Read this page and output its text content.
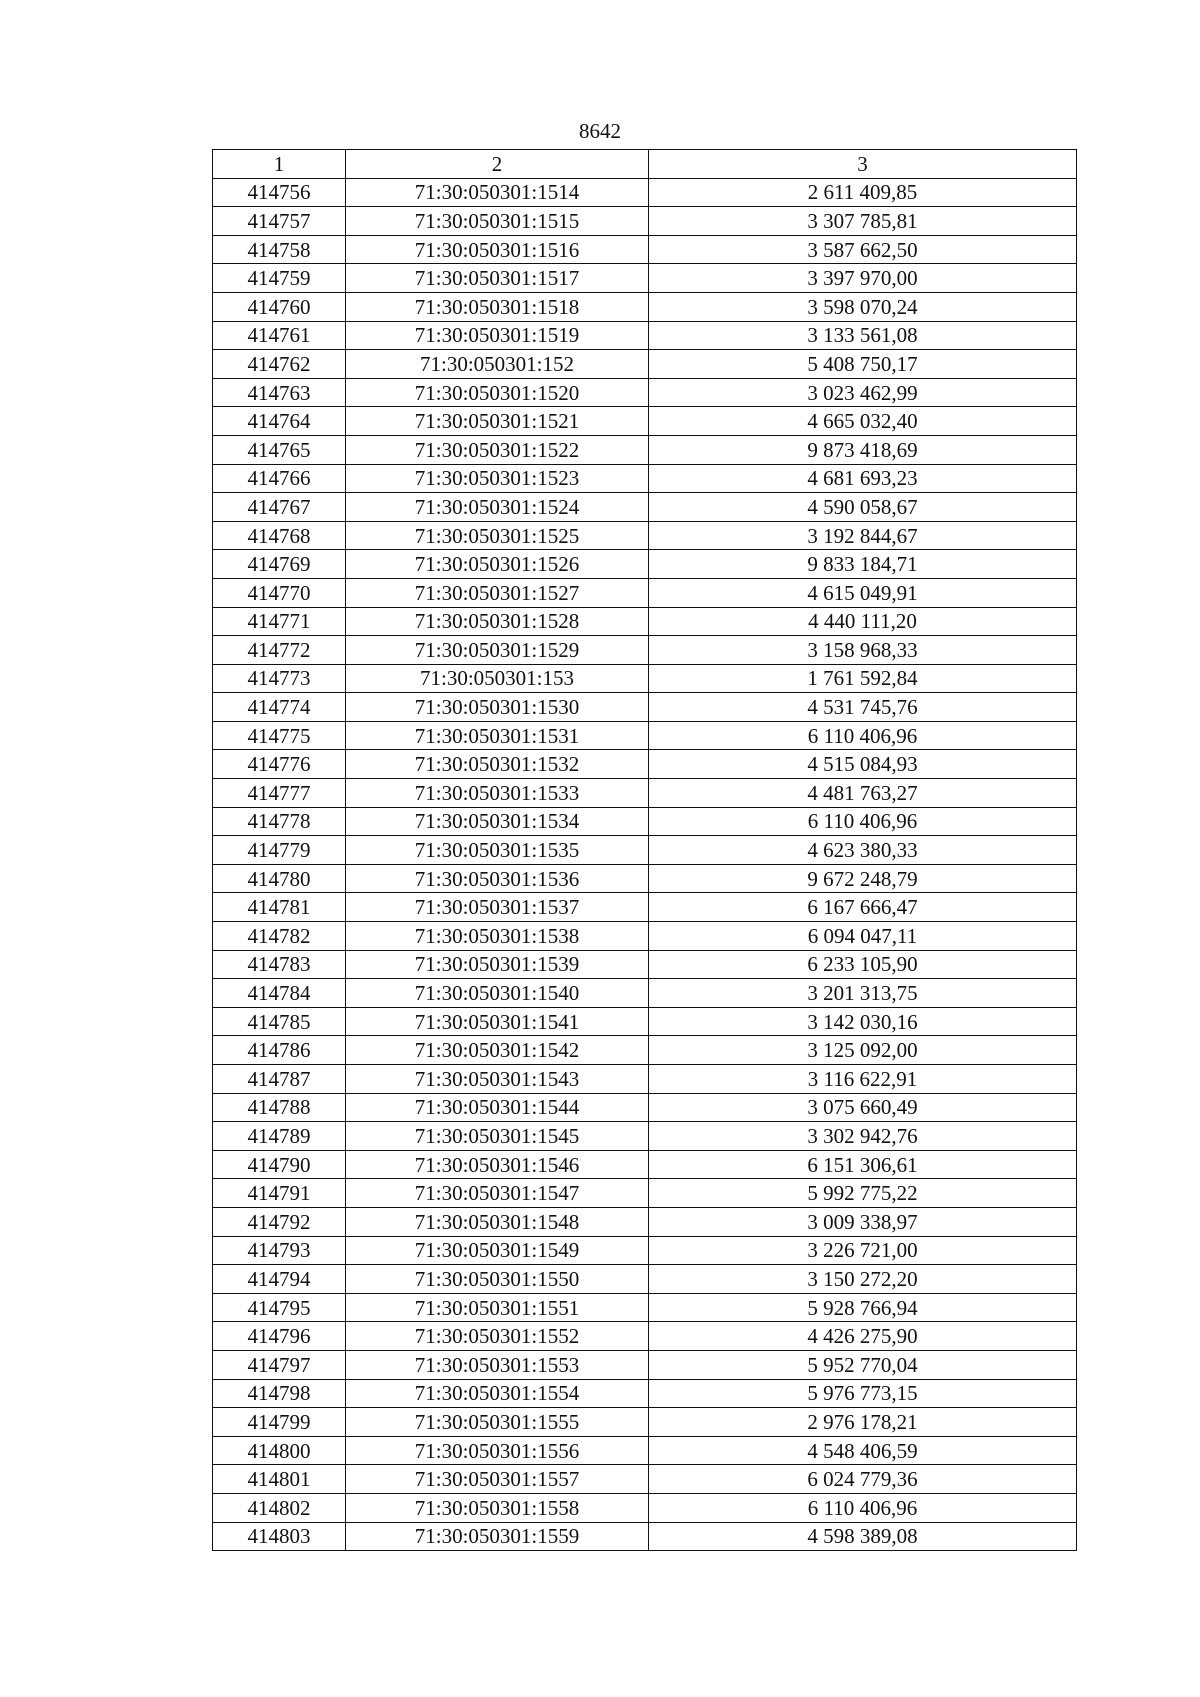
8642
1	2	3
414756	71:30:050301:1514	2 611 409,85
414757	71:30:050301:1515	3 307 785,81
414758	71:30:050301:1516	3 587 662,50
414759	71:30:050301:1517	3 397 970,00
414760	71:30:050301:1518	3 598 070,24
414761	71:30:050301:1519	3 133 561,08
414762	71:30:050301:152	5 408 750,17
414763	71:30:050301:1520	3 023 462,99
414764	71:30:050301:1521	4 665 032,40
414765	71:30:050301:1522	9 873 418,69
414766	71:30:050301:1523	4 681 693,23
414767	71:30:050301:1524	4 590 058,67
414768	71:30:050301:1525	3 192 844,67
414769	71:30:050301:1526	9 833 184,71
414770	71:30:050301:1527	4 615 049,91
414771	71:30:050301:1528	4 440 111,20
414772	71:30:050301:1529	3 158 968,33
414773	71:30:050301:153	1 761 592,84
414774	71:30:050301:1530	4 531 745,76
414775	71:30:050301:1531	6 110 406,96
414776	71:30:050301:1532	4 515 084,93
414777	71:30:050301:1533	4 481 763,27
414778	71:30:050301:1534	6 110 406,96
414779	71:30:050301:1535	4 623 380,33
414780	71:30:050301:1536	9 672 248,79
414781	71:30:050301:1537	6 167 666,47
414782	71:30:050301:1538	6 094 047,11
414783	71:30:050301:1539	6 233 105,90
414784	71:30:050301:1540	3 201 313,75
414785	71:30:050301:1541	3 142 030,16
414786	71:30:050301:1542	3 125 092,00
414787	71:30:050301:1543	3 116 622,91
414788	71:30:050301:1544	3 075 660,49
414789	71:30:050301:1545	3 302 942,76
414790	71:30:050301:1546	6 151 306,61
414791	71:30:050301:1547	5 992 775,22
414792	71:30:050301:1548	3 009 338,97
414793	71:30:050301:1549	3 226 721,00
414794	71:30:050301:1550	3 150 272,20
414795	71:30:050301:1551	5 928 766,94
414796	71:30:050301:1552	4 426 275,90
414797	71:30:050301:1553	5 952 770,04
414798	71:30:050301:1554	5 976 773,15
414799	71:30:050301:1555	2 976 178,21
414800	71:30:050301:1556	4 548 406,59
414801	71:30:050301:1557	6 024 779,36
414802	71:30:050301:1558	6 110 406,96
414803	71:30:050301:1559	4 598 389,08
